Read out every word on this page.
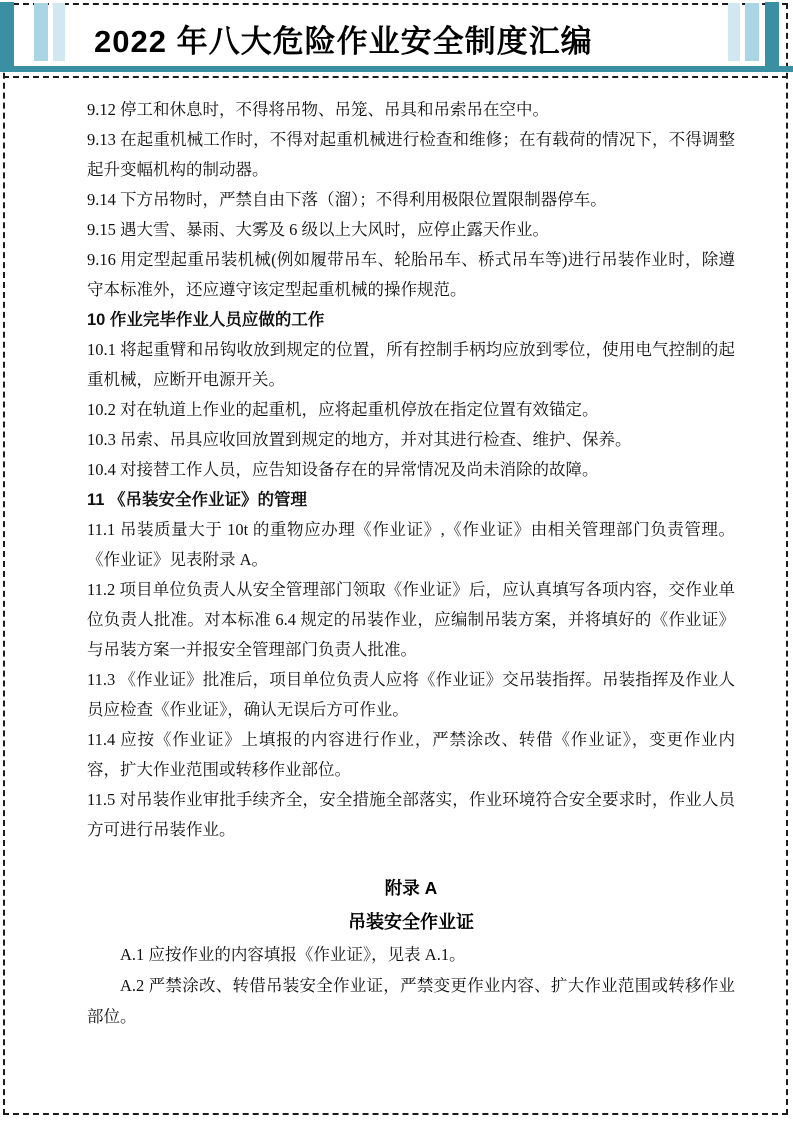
2022 年八大危险作业安全制度汇编

9.12 停工和休息时，不得将吊物、吊笼、吊具和吊索吊在空中。

9.13 在起重机械工作时，不得对起重机械进行检查和维修；在有载荷的情况下，不得调整起升变幅机构的制动器。

9.14 下方吊物时，严禁自由下落（溜）；不得利用极限位置限制器停车。

9.15 遇大雪、暴雨、大雾及 6 级以上大风时，应停止露天作业。

9.16 用定型起重吊装机械(例如履带吊车、轮胎吊车、桥式吊车等)进行吊装作业时，除遵守本标准外，还应遵守该定型起重机械的操作规范。

10 作业完毕作业人员应做的工作

10.1 将起重臂和吊钩收放到规定的位置，所有控制手柄均应放到零位，使用电气控制的起重机械，应断开电源开关。

10.2 对在轨道上作业的起重机，应将起重机停放在指定位置有效锚定。

10.3 吊索、吊具应收回放置到规定的地方，并对其进行检查、维护、保养。

10.4 对接替工作人员，应告知设备存在的异常情况及尚未消除的故障。

11 《吊装安全作业证》的管理

11.1 吊装质量大于 10t 的重物应办理《作业证》,《作业证》由相关管理部门负责管理。《作业证》见表附录 A。

11.2 项目单位负责人从安全管理部门领取《作业证》后，应认真填写各项内容，交作业单位负责人批准。对本标准 6.4 规定的吊装作业，应编制吊装方案，并将填好的《作业证》与吊装方案一并报安全管理部门负责人批准。

11.3 《作业证》批准后，项目单位负责人应将《作业证》交吊装指挥。吊装指挥及作业人员应检查《作业证》，确认无误后方可作业。

11.4 应按《作业证》上填报的内容进行作业，严禁涂改、转借《作业证》，变更作业内容，扩大作业范围或转移作业部位。

11.5 对吊装作业审批手续齐全，安全措施全部落实，作业环境符合安全要求时，作业人员方可进行吊装作业。

附录 A
吊装安全作业证

A.1 应按作业的内容填报《作业证》，见表 A.1。

A.2 严禁涂改、转借吊装安全作业证，严禁变更作业内容、扩大作业范围或转移作业部位。
